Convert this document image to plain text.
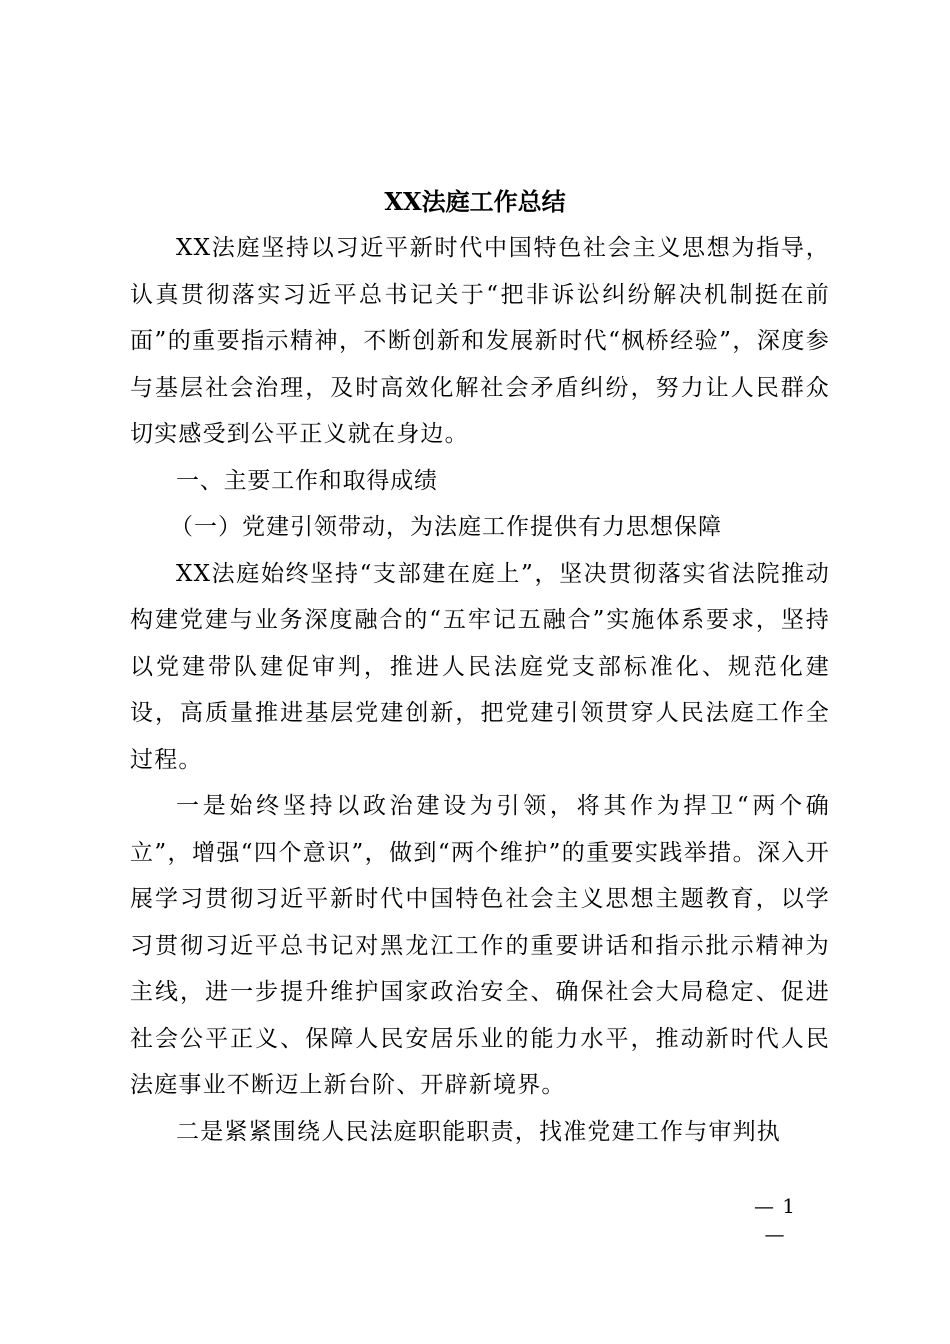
XX法庭工作总结

XX法庭坚持以习近平新时代中国特色社会主义思想为指导，认真贯彻落实习近平总书记关于“把非诉讼纠纷解决机制挺在前面”的重要指示精神，不断创新和发展新时代“枫桥经验”，深度参与基层社会治理，及时高效化解社会矛盾纠纷，努力让人民群众切实感受到公平正义就在身边。

一、主要工作和取得成绩

（一）党建引领带动，为法庭工作提供有力思想保障

XX法庭始终坚持“支部建在庭上”，坚决贯彻落实省法院推动构建党建与业务深度融合的“五牢记五融合”实施体系要求，坚持以党建带队建促审判，推进人民法庭党支部标准化、规范化建设，高质量推进基层党建创新，把党建引领贯穿人民法庭工作全过程。

一是始终坚持以政治建设为引领，将其作为捍卫“两个确立”，增强“四个意识”，做到“两个维护”的重要实践举措。深入开展学习贯彻习近平新时代中国特色社会主义思想主题教育，以学习贯彻习近平总书记对黑龙江工作的重要讲话和指示批示精神为主线，进一步提升维护国家政治安全、确保社会大局稳定、促进社会公平正义、保障人民安居乐业的能力水平，推动新时代人民法庭事业不断迈上新台阶、开辟新境界。

二是紧紧围绕人民法庭职能职责，找准党建工作与审判执

— 1 —
